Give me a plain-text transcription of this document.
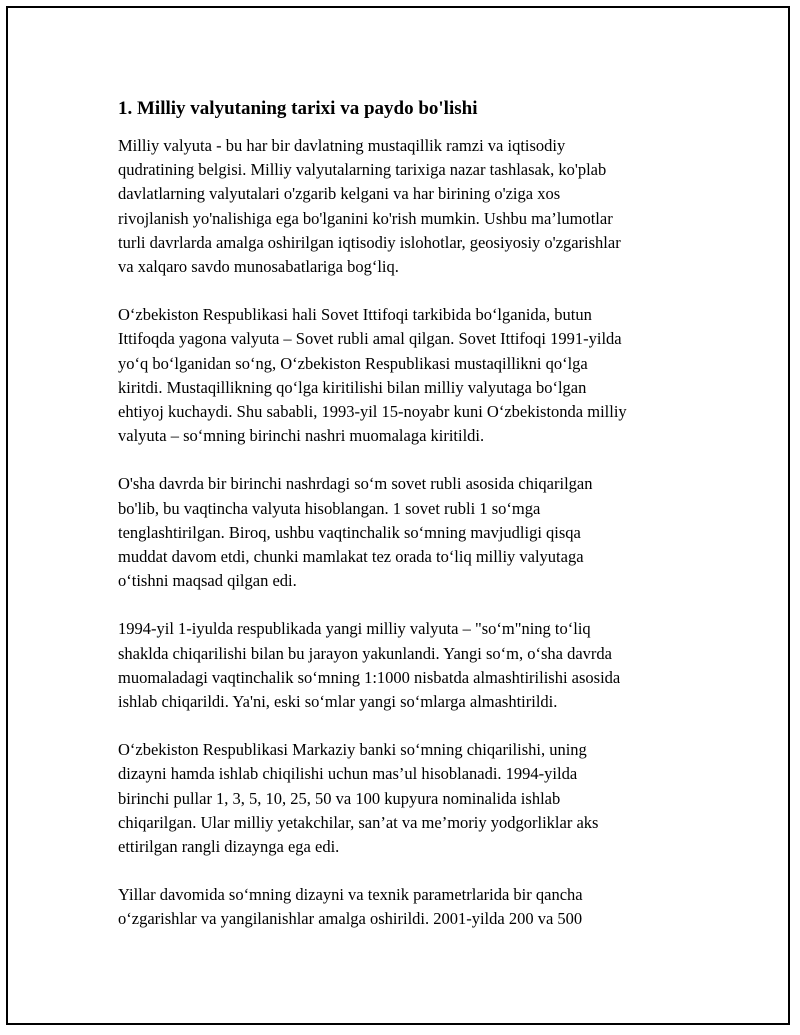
1. Milliy valyutaning tarixi va paydo bo'lishi
Milliy valyuta - bu har bir davlatning mustaqillik ramzi va iqtisodiy
qudratining belgisi. Milliy valyutalarning tarixiga nazar tashlasak, ko'plab
davlatlarning valyutalari o'zgarib kelgani va har birining o'ziga xos
rivojlanish yo'nalishiga ega bo'lganini ko'rish mumkin. Ushbu ma’lumotlar
turli davrlarda amalga oshirilgan iqtisodiy islohotlar, geosiyosiy o'zgarishlar
va xalqaro savdo munosabatlariga bog‘liq.
O‘zbekiston Respublikasi hali Sovet Ittifoqi tarkibida bo‘lganida, butun
Ittifoqda yagona valyuta – Sovet rubli amal qilgan. Sovet Ittifoqi 1991-yilda
yo‘q bo‘lganidan so‘ng, O‘zbekiston Respublikasi mustaqillikni qo‘lga
kiritdi. Mustaqillikning qo‘lga kiritilishi bilan milliy valyutaga bo‘lgan
ehtiyoj kuchaydi. Shu sababli, 1993-yil 15-noyabr kuni O‘zbekistonda milliy
valyuta – so‘mning birinchi nashri muomalaga kiritildi.
O'sha davrda bir birinchi nashrdagi so‘m sovet rubli asosida chiqarilgan
bo'lib, bu vaqtincha valyuta hisoblangan. 1 sovet rubli 1 so‘mga
tenglashtirilgan. Biroq, ushbu vaqtinchalik so‘mning mavjudligi qisqa
muddat davom etdi, chunki mamlakat tez orada to‘liq milliy valyutaga
o‘tishni maqsad qilgan edi.
1994-yil 1-iyulda respublikada yangi milliy valyuta – "so‘m"ning to‘liq
shaklda chiqarilishi bilan bu jarayon yakunlandi. Yangi so‘m, o‘sha davrda
muomaladagi vaqtinchalik so‘mning 1:1000 nisbatda almashtirilishi asosida
ishlab chiqarildi. Ya'ni, eski so‘mlar yangi so‘mlarga almashtirildi.
O‘zbekiston Respublikasi Markaziy banki so‘mning chiqarilishi, uning
dizayni hamda ishlab chiqilishi uchun mas’ul hisoblanadi. 1994-yilda
birinchi pullar 1, 3, 5, 10, 25, 50 va 100 kupyura nominalida ishlab
chiqarilgan. Ular milliy yetakchilar, san’at va me’moriy yodgorliklar aks
ettirilgan rangli dizaynga ega edi.
Yillar davomida so‘mning dizayni va texnik parametrlarida bir qancha
o‘zgarishlar va yangilanishlar amalga oshirildi. 2001-yilda 200 va 500
